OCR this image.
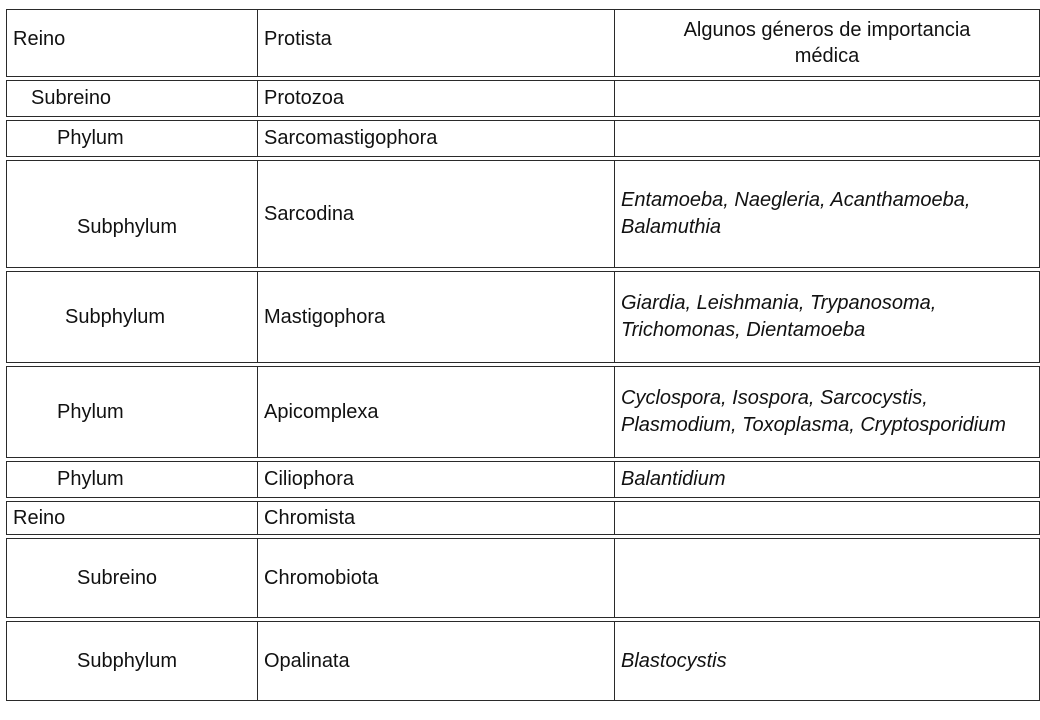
Reino	Protista	Algunos géneros de importancia médica
Subreino	Protozoa	
Phylum	Sarcomastigophora	
Subphylum	Sarcodina	Entamoeba, Naegleria, Acanthamoeba, Balamuthia
Subphylum	Mastigophora	Giardia, Leishmania, Trypanosoma, Trichomonas, Dientamoeba
Phylum	Apicomplexa	Cyclospora, Isospora, Sarcocystis, Plasmodium, Toxoplasma, Cryptosporidium
Phylum	Ciliophora	Balantidium
Reino	Chromista	
Subreino	Chromobiota	
Subphylum	Opalinata	Blastocystis
